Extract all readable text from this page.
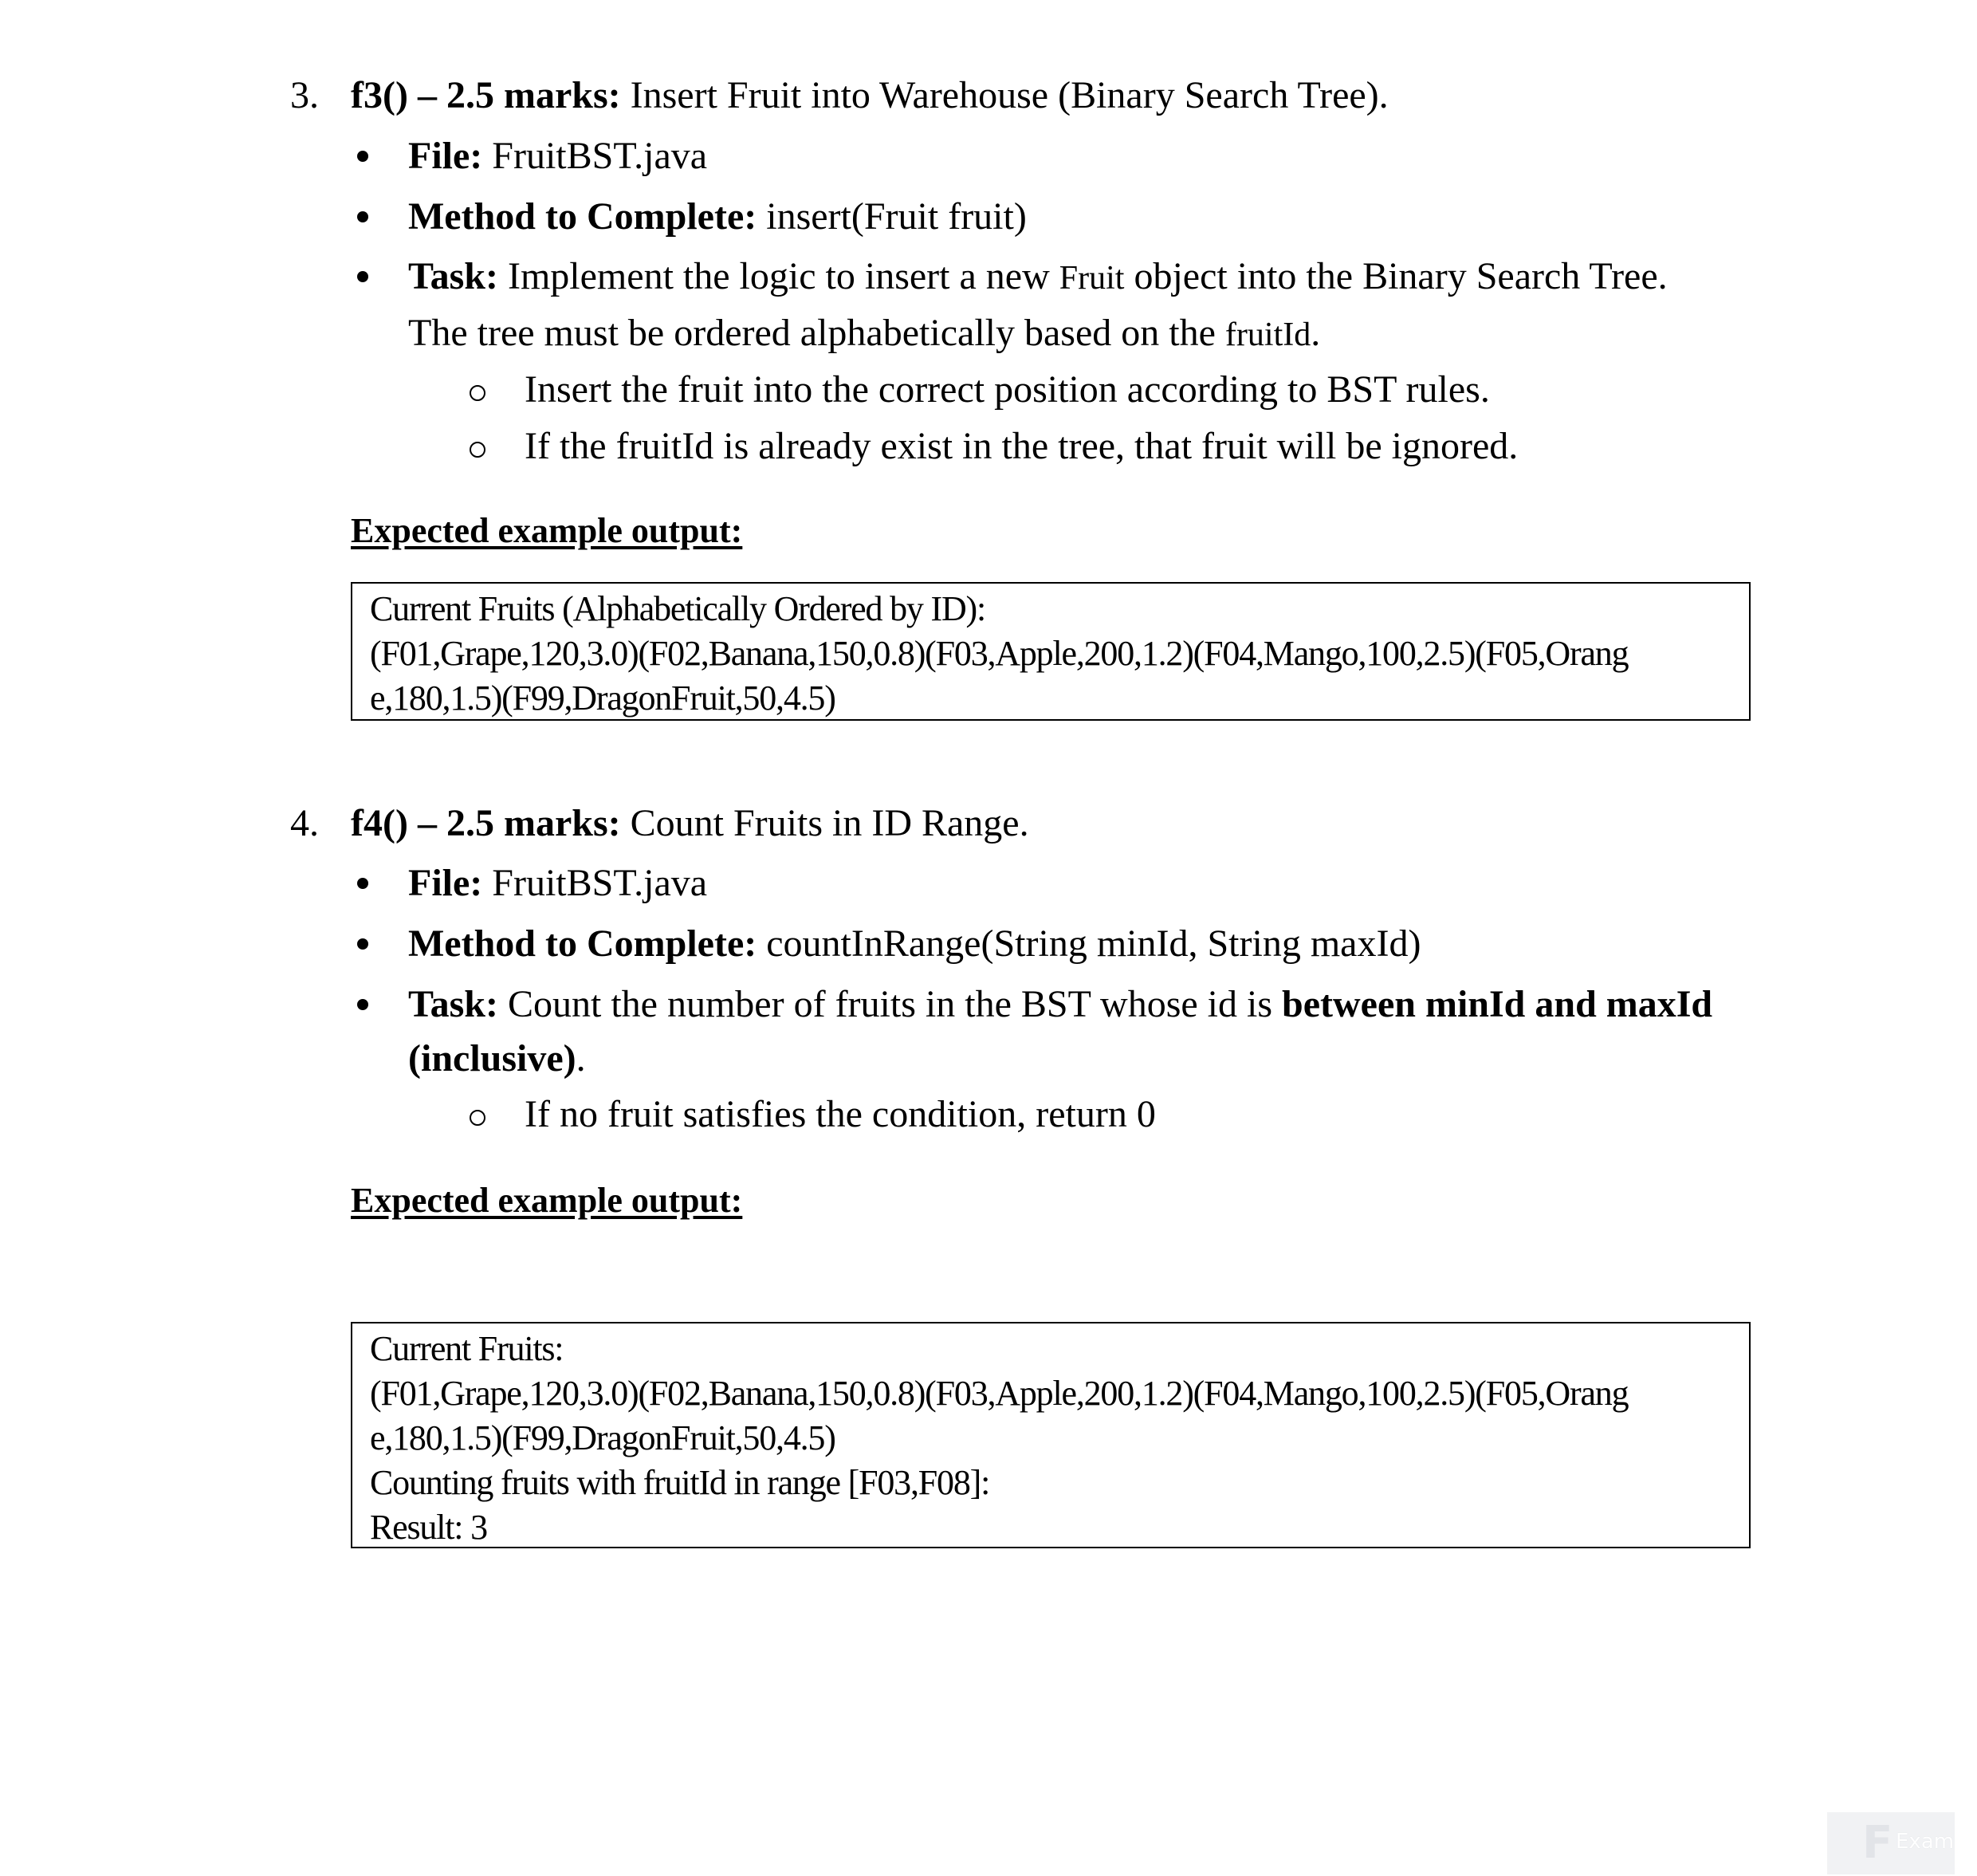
3. f3() – 2.5 marks: Insert Fruit into Warehouse (Binary Search Tree).
File: FruitBST.java
Method to Complete: insert(Fruit fruit)
Task: Implement the logic to insert a new Fruit object into the Binary Search Tree.
The tree must be ordered alphabetically based on the fruitId.
Insert the fruit into the correct position according to BST rules.
If the fruitId is already exist in the tree, that fruit will be ignored.
Expected example output:
Current Fruits (Alphabetically Ordered by ID):
(F01,Grape,120,3.0)(F02,Banana,150,0.8)(F03,Apple,200,1.2)(F04,Mango,100,2.5)(F05,Orang
e,180,1.5)(F99,DragonFruit,50,4.5)
4. f4() – 2.5 marks: Count Fruits in ID Range.
File: FruitBST.java
Method to Complete: countInRange(String minId, String maxId)
Task: Count the number of fruits in the BST whose id is between minId and maxId
(inclusive).
If no fruit satisfies the condition, return 0
Expected example output:
Current Fruits:
(F01,Grape,120,3.0)(F02,Banana,150,0.8)(F03,Apple,200,1.2)(F04,Mango,100,2.5)(F05,Orang
e,180,1.5)(F99,DragonFruit,50,4.5)
Counting fruits with fruitId in range [F03,F08]:
Result: 3
F Exam
